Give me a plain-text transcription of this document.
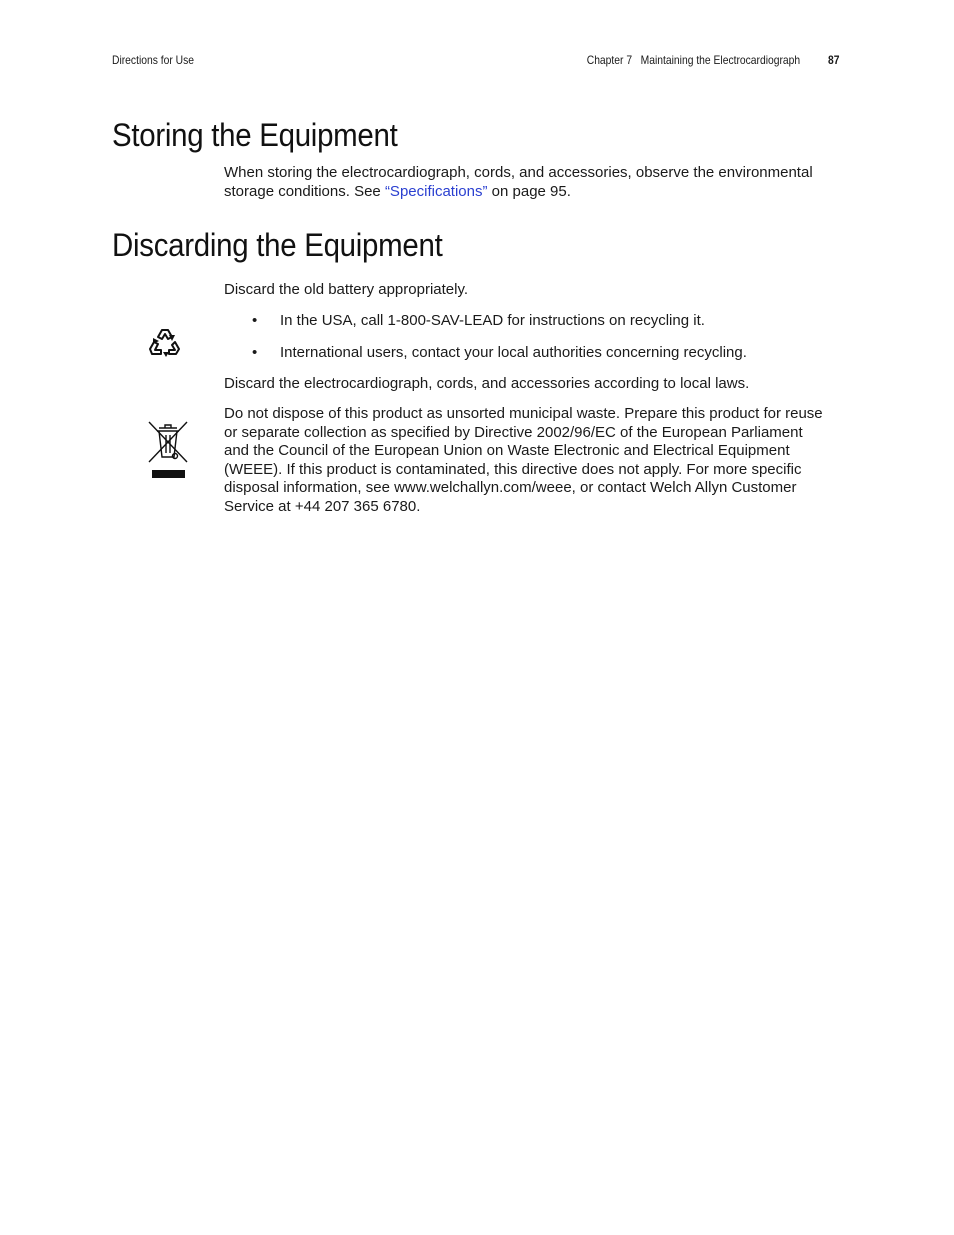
Directions for Use	Chapter 7 Maintaining the Electrocardiograph 87
Storing the Equipment
When storing the electrocardiograph, cords, and accessories, observe the environmental storage conditions. See “Specifications” on page 95.
Discarding the Equipment
Discard the old battery appropriately.
• In the USA, call 1-800-SAV-LEAD for instructions on recycling it.
• International users, contact your local authorities concerning recycling.
Discard the electrocardiograph, cords, and accessories according to local laws.
Do not dispose of this product as unsorted municipal waste. Prepare this product for reuse or separate collection as specified by Directive 2002/96/EC of the European Parliament and the Council of the European Union on Waste Electronic and Electrical Equipment (WEEE). If this product is contaminated, this directive does not apply. For more specific disposal information, see www.welchallyn.com/weee, or contact Welch Allyn Customer Service at +44 207 365 6780.
